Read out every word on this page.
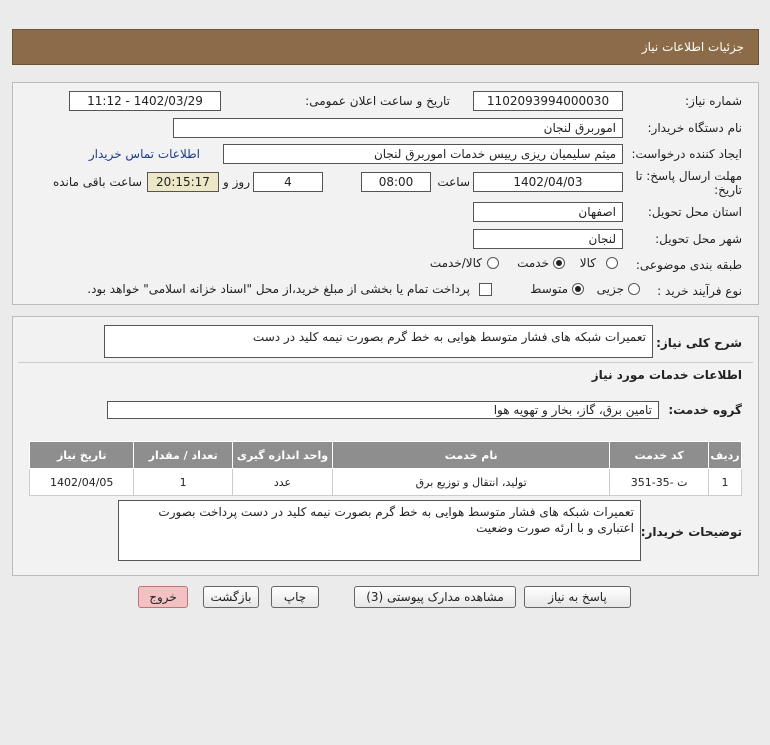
جزئیات اطلاعات نیاز
شماره نیاز:
1102093994000030
تاریخ و ساعت اعلان عمومی:
1402/03/29 - 11:12
نام دستگاه خریدار:
اموربرق لنجان
ایجاد کننده درخواست:
میثم سلیمیان ریزی رییس خدمات اموربرق لنجان
اطلاعات تماس خریدار
مهلت ارسال پاسخ: تا
تاریخ:
1402/04/03
ساعت
08:00
4
روز و
20:15:17
ساعت باقی مانده
استان محل تحویل:
اصفهان
شهر محل تحویل:
لنجان
طبقه بندی موضوعی:
کالا
خدمت
کالا/خدمت
نوع فرآیند خرید :
جزیی
متوسط
پرداخت تمام یا بخشی از مبلغ خرید،از محل "اسناد خزانه اسلامی" خواهد بود.
شرح کلی نیاز:
تعمیرات شبکه های فشار متوسط هوایی به خط گرم بصورت نیمه کلید در دست
اطلاعات خدمات مورد نیاز
گروه خدمت:
تامین برق، گاز، بخار و تهویه هوا
ردیف	کد خدمت	نام خدمت	واحد اندازه گیری	تعداد / مقدار	تاریخ نیاز
1	ت -35-351	تولید، انتقال و توزیع برق	عدد	1	1402/04/05
توضیحات خریدار:
تعمیرات شبکه های فشار متوسط هوایی به خط گرم بصورت نیمه کلید در دست پرداخت بصورت اعتباری و با ارئه صورت وضعیت
پاسخ به نیاز
مشاهده مدارک پیوستی (3)
چاپ
بازگشت
خروج
